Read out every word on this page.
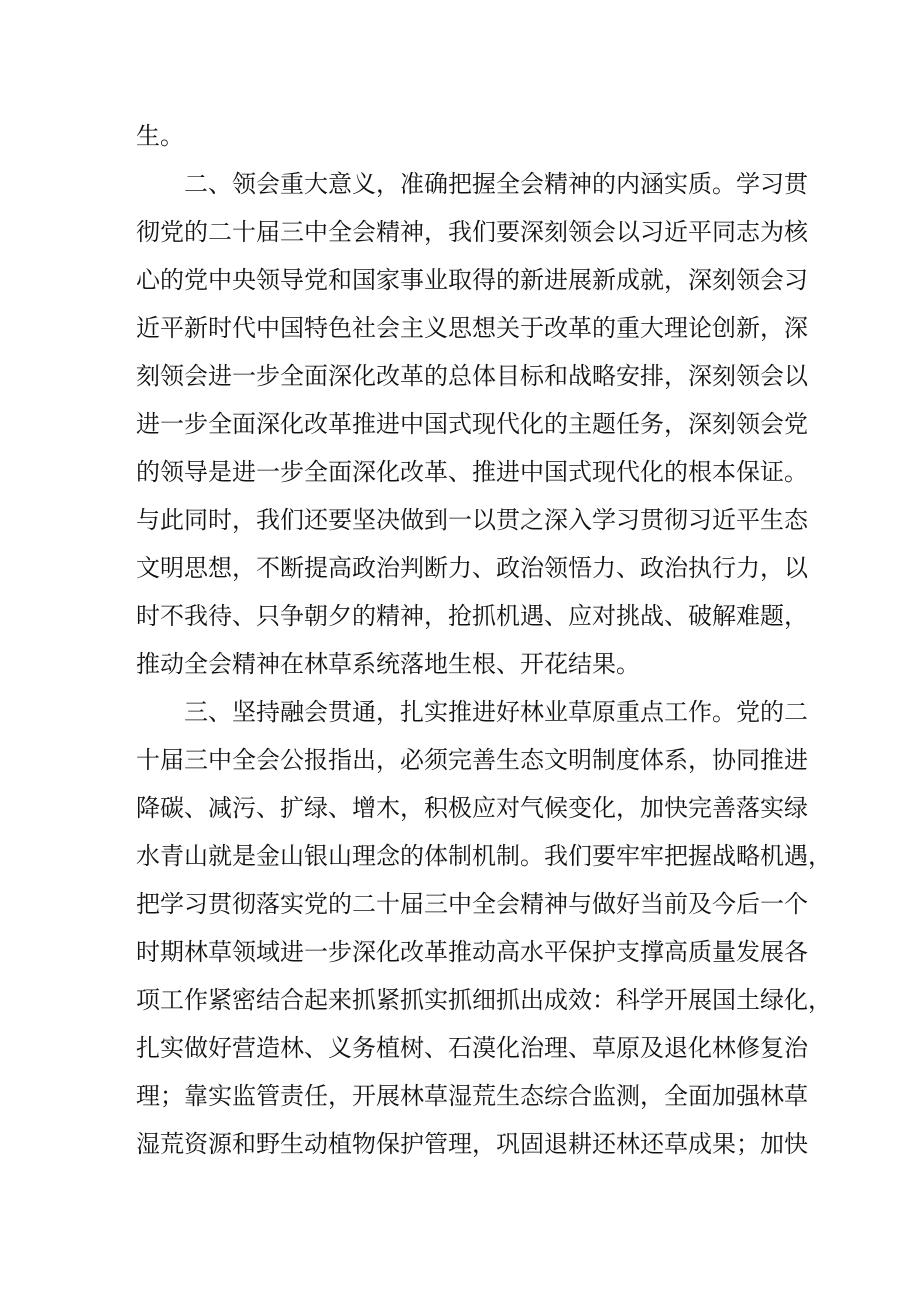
生。
二、领会重大意义，准确把握全会精神的内涵实质。学习贯
彻党的二十届三中全会精神，我们要深刻领会以习近平同志为核
心的党中央领导党和国家事业取得的新进展新成就，深刻领会习
近平新时代中国特色社会主义思想关于改革的重大理论创新，深
刻领会进一步全面深化改革的总体目标和战略安排，深刻领会以
进一步全面深化改革推进中国式现代化的主题任务，深刻领会党
的领导是进一步全面深化改革、推进中国式现代化的根本保证。
与此同时，我们还要坚决做到一以贯之深入学习贯彻习近平生态
文明思想，不断提高政治判断力、政治领悟力、政治执行力，以
时不我待、只争朝夕的精神，抢抓机遇、应对挑战、破解难题，
推动全会精神在林草系统落地生根、开花结果。
三、坚持融会贯通，扎实推进好林业草原重点工作。党的二
十届三中全会公报指出，必须完善生态文明制度体系，协同推进
降碳、减污、扩绿、增木，积极应对气候变化，加快完善落实绿
水青山就是金山银山理念的体制机制。我们要牢牢把握战略机遇，
把学习贯彻落实党的二十届三中全会精神与做好当前及今后一个
时期林草领域进一步深化改革推动高水平保护支撑高质量发展各
项工作紧密结合起来抓紧抓实抓细抓出成效：科学开展国土绿化，
扎实做好营造林、义务植树、石漠化治理、草原及退化林修复治
理；靠实监管责任，开展林草湿荒生态综合监测，全面加强林草
湿荒资源和野生动植物保护管理，巩固退耕还林还草成果；加快
